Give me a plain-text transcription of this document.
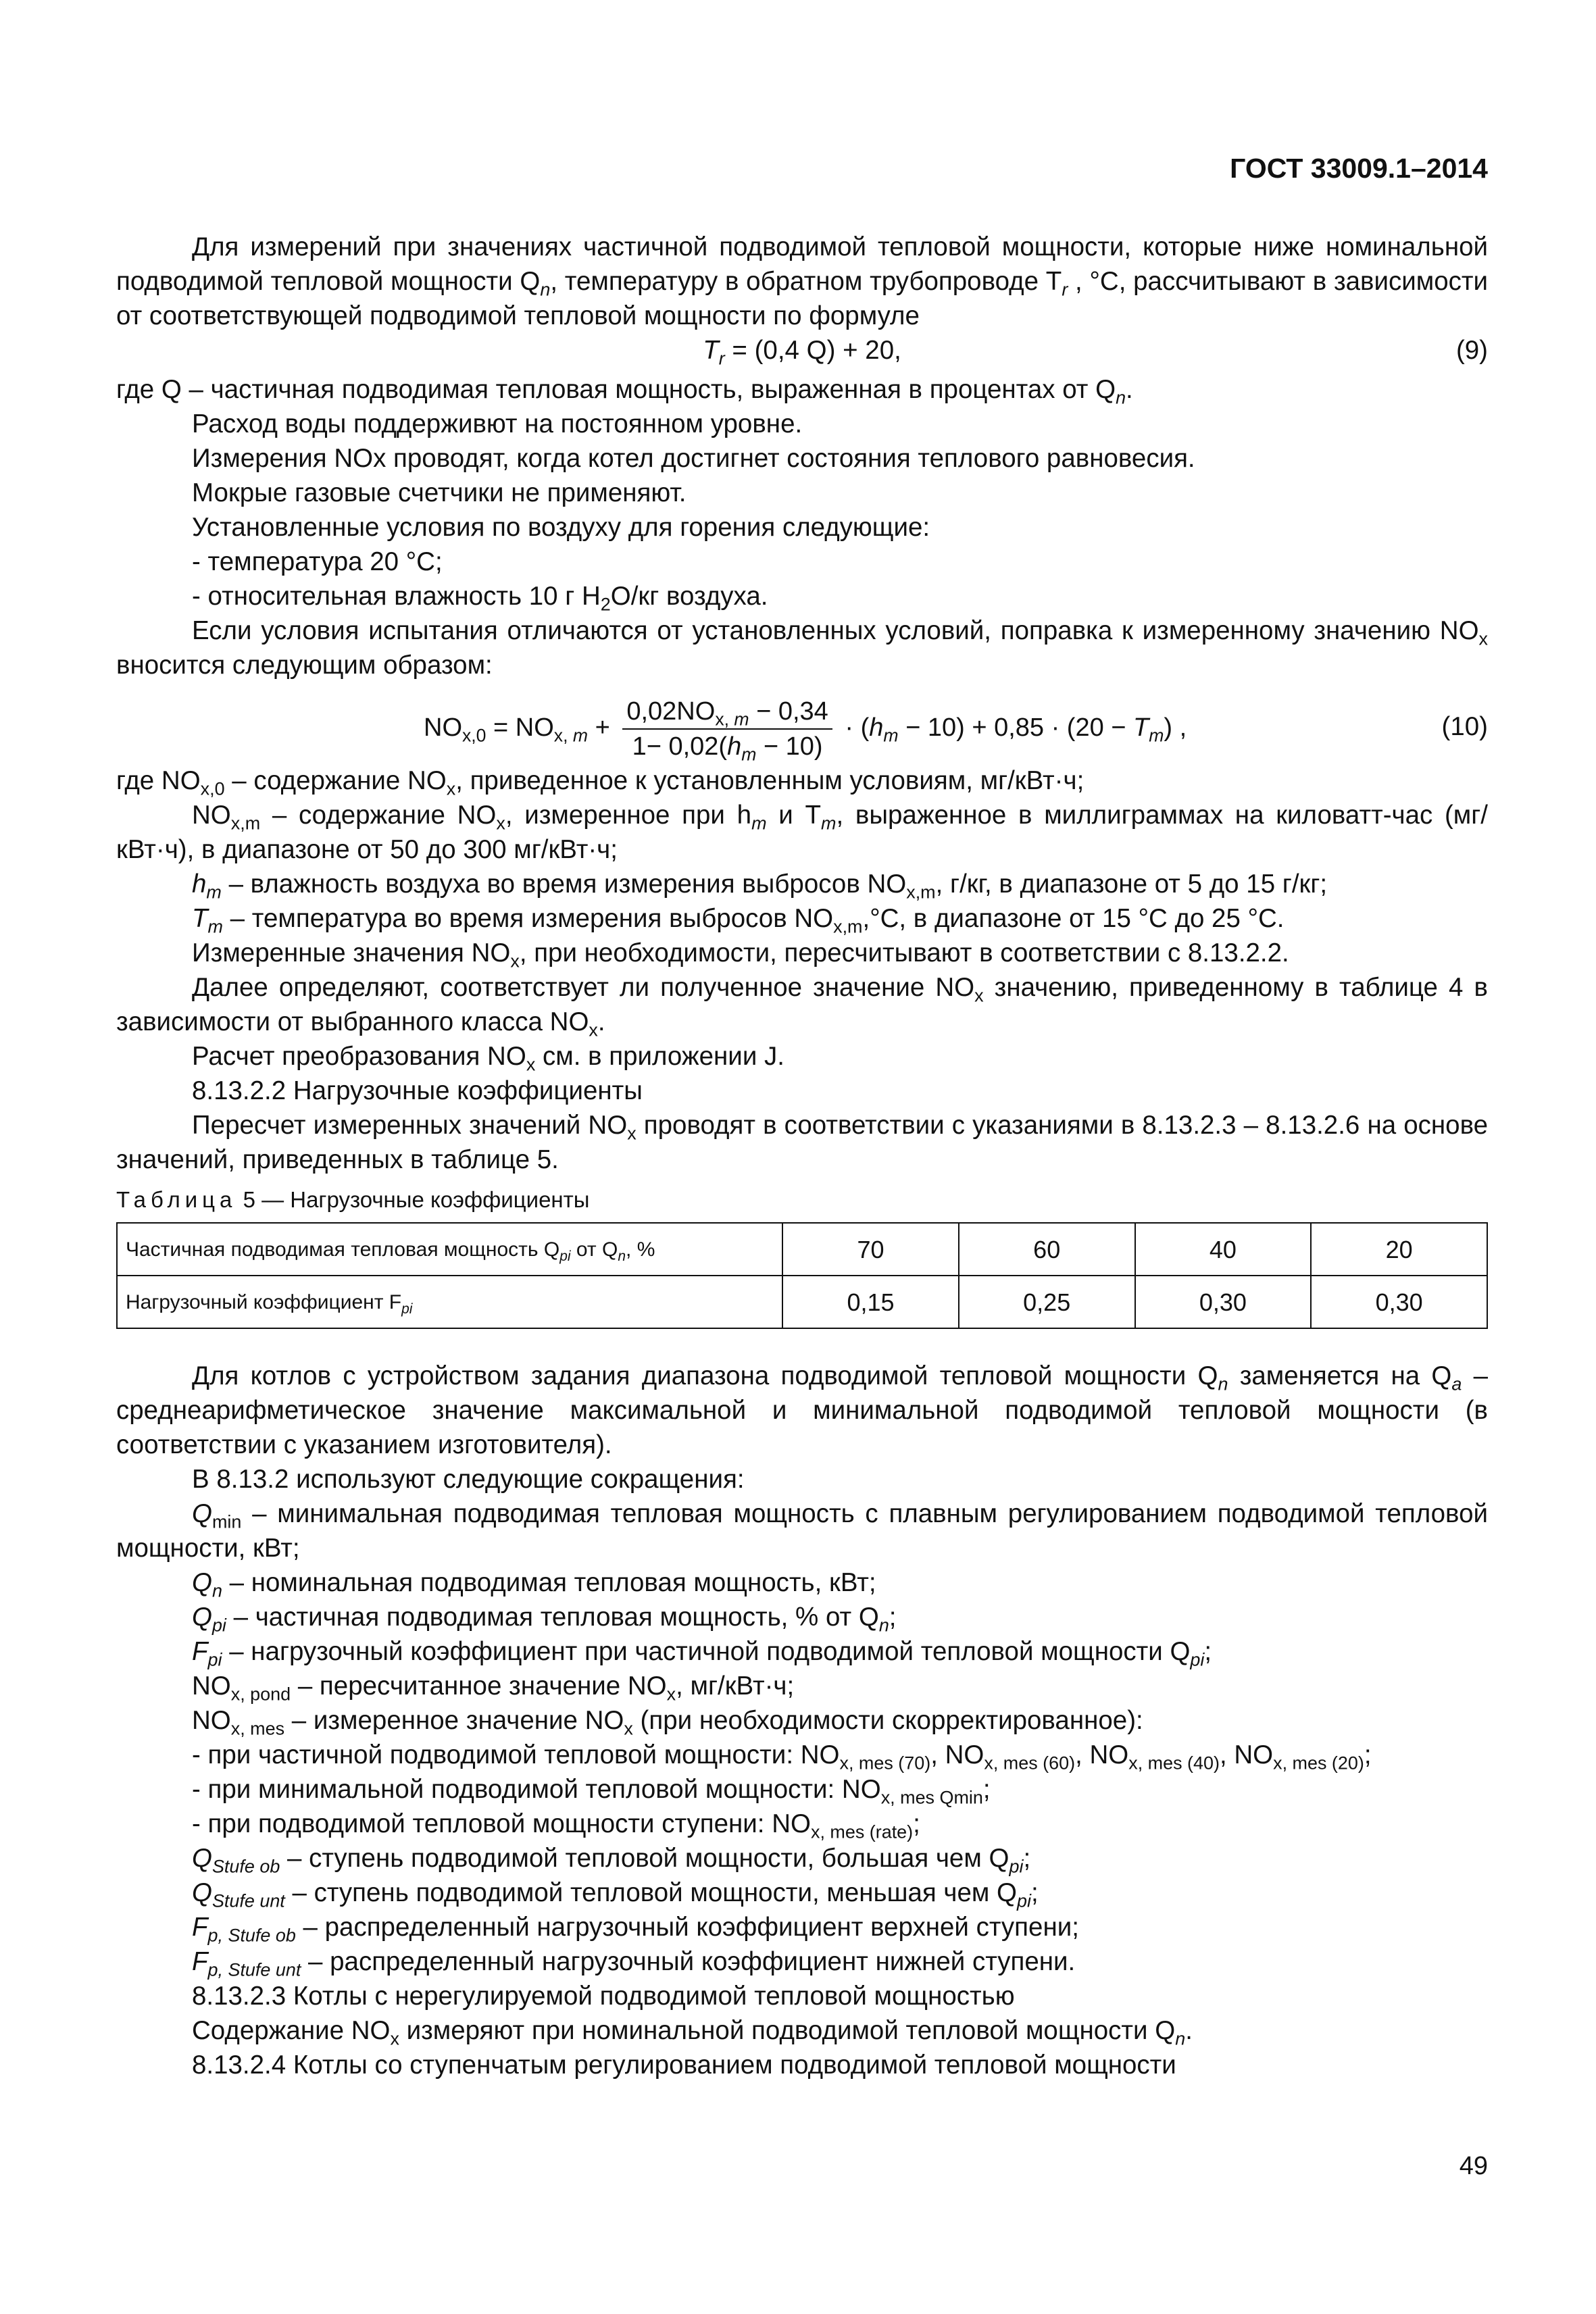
ГОСТ 33009.1–2014

Для измерений при значениях частичной подводимой тепловой мощности, которые ниже номинальной подводимой тепловой мощности $Q_n$, температуру в обратном трубопроводе $T_r$ , °C, рассчитывают в зависимости от соответствующей подводимой тепловой мощности по формуле

$T_r = (0,4$ Q) + 20,	(9)

где Q – частичная подводимая тепловая мощность, выраженная в процентах от $Q_n$.

Расход воды поддерживют на постоянном уровне.

Измерения NOx проводят, когда котел достигнет состояния теплового равновесия.

Мокрые газовые счетчики не применяют.

Установленные условия по воздуху для горения следующие:

- температура 20 °C;

- относительная влажность 10 г $H_2O/кг$ воздуха.

Если условия испытания отличаются от установленных условий, поправка к измеренному значению $NO_x$ вносится следующим образом:

$NO_{x,0} = NO_{x, m} + \frac{0,02NO_{x, m} - 0,34}{1- 0,02(h_m - 10)} \cdot (h_m - 10) + 0,85 \cdot (20 - T_m)$ ,	(10)

где $NO_{x,0}$ – содержание $NO_x$, приведенное к установленным условиям, мг/кВт·ч;

$NO_{x,m}$ – содержание $NO_x$, измеренное при $h_m$ и $T_m$, выраженное в миллиграммах на киловатт-час (мг/кВт·ч), в диапазоне от 50 до 300 мг/кВт·ч;

$h_m$ – влажность воздуха во время измерения выбросов $NO_{x,m}$, г/кг, в диапазоне от 5 до 15 г/кг;

$T_m$ – температура во время измерения выбросов $NO_{x,m},^\circ C$, в диапазоне от 15 °C до 25 °C.

Измеренные значения $NO_x$, при необходимости, пересчитывают в соответствии с 8.13.2.2.

Далее определяют, соответствует ли полученное значение $NO_x$ значению, приведенному в таблице 4 в зависимости от выбранного класса $NO_x$.

Расчет преобразования $NO_x$ см. в приложении J.

8.13.2.2 Нагрузочные коэффициенты

Пересчет измеренных значений $NO_x$ проводят в соответствии с указаниями в 8.13.2.3 – 8.13.2.6 на основе значений, приведенных в таблице 5.

Таблица 5 — Нагрузочные коэффициенты

Частичная подводимая тепловая мощность $Q_{pi}$ от $Q_n$, %	70	60	40	20
Нагрузочный коэффициент $F_{pi}$	0,15	0,25	0,30	0,30

Для котлов с устройством задания диапазона подводимой тепловой мощности $Q_n$ заменяется на $Q_a$ – среднеарифметическое значение максимальной и минимальной подводимой тепловой мощности (в соответствии с указанием изготовителя).

В 8.13.2 используют следующие сокращения:

$Q_{min}$ – минимальная подводимая тепловая мощность с плавным регулированием подводимой тепловой мощности, кВт;

$Q_n$ – номинальная подводимая тепловая мощность, кВт;

$Q_{pi}$ – частичная подводимая тепловая мощность, % от $Q_n$;

$F_{pi}$ – нагрузочный коэффициент при частичной подводимой тепловой мощности $Q_{pi}$;

$NO_{x, pond}$ – пересчитанное значение $NO_x$, мг/кВт·ч;

$NO_{x, mes}$ – измеренное значение $NO_x$ (при необходимости скорректированное):

- при частичной подводимой тепловой мощности: $NO_{x, mes (70)}$, $NO_{x, mes (60)}$, $NO_{x, mes (40)}$, $NO_{x, mes (20)}$;

- при минимальной подводимой тепловой мощности: $NO_{x, mes Qmin}$;

- при подводимой тепловой мощности ступени: $NO_{x, mes (rate)}$;

$Q_{Stufe ob}$ – ступень подводимой тепловой мощности, большая чем $Q_{pi}$;

$Q_{Stufe unt}$ – ступень подводимой тепловой мощности, меньшая чем $Q_{pi}$;

$F_{p, Stufe ob}$ – распределенный нагрузочный коэффициент верхней ступени;

$F_{p, Stufe unt}$ – распределенный нагрузочный коэффициент нижней ступени.

8.13.2.3 Котлы с нерегулируемой подводимой тепловой мощностью

Содержание $NO_x$ измеряют при номинальной подводимой тепловой мощности $Q_n$.

8.13.2.4 Котлы со ступенчатым регулированием подводимой тепловой мощности

49
